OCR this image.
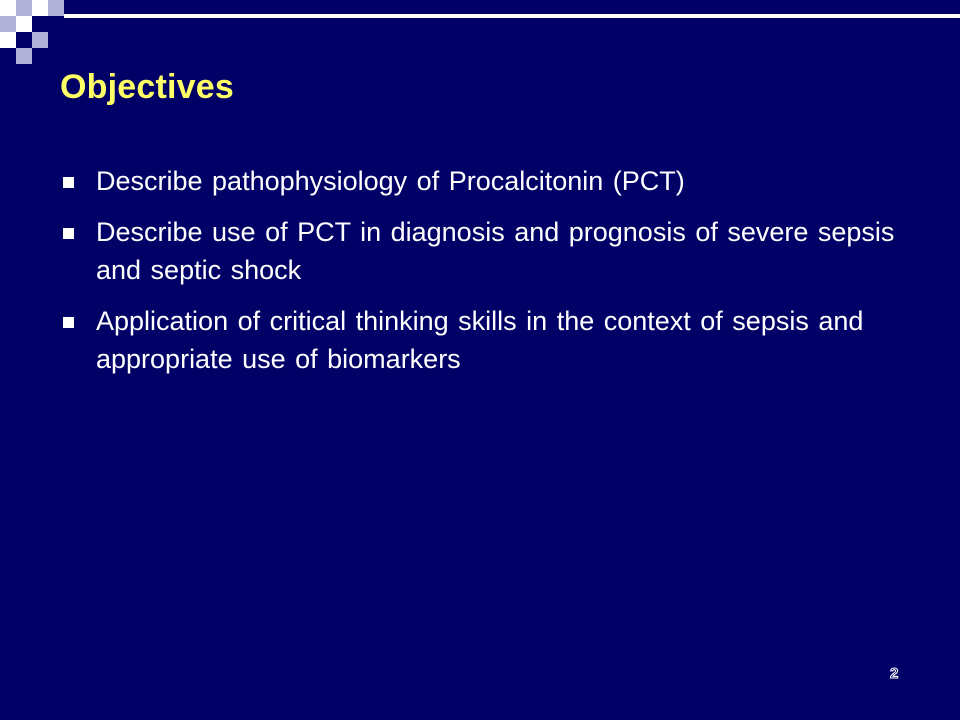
Objectives
Describe pathophysiology of Procalcitonin (PCT)
Describe use of PCT in diagnosis and prognosis of severe sepsis and septic shock
Application of critical thinking skills in the context of sepsis and appropriate use of biomarkers
2
